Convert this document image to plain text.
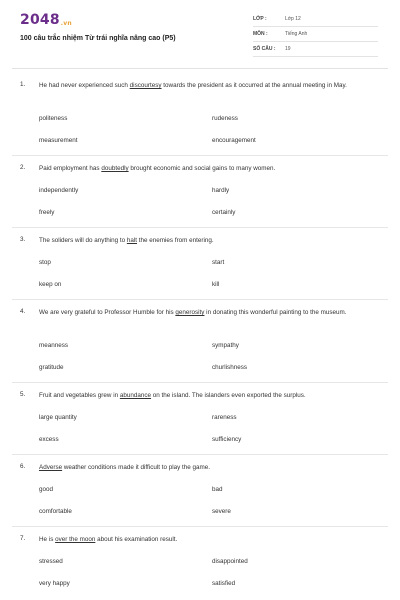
2048.vn
100 câu trắc nhiệm Từ trái nghĩa nâng cao (P5)
LỚP :	Lớp 12
MÔN :	Tiếng Anh
SỐ CÂU : 19
1. He had never experienced such discourtesy towards the president as it occurred at the annual meeting in May.
politeness	rudeness
measurement	encouragement
2. Paid employment has doubtedly brought economic and social gains to many women.
independently	hardly
freely	certainly
3. The soliders will do anything to halt the enemies from entering.
stop	start
keep on	kill
4. We are very grateful to Professor Humble for his generosity in donating this wonderful painting to the museum.
meanness	sympathy
gratitude	churlishness
5. Fruit and vegetables grew in abundance on the island. The islanders even exported the surplus.
large quantity	rareness
excess	sufficiency
6. Adverse weather conditions made it difficult to play the game.
good	bad
comfortable	severe
7. He is over the moon about his examination result.
stressed	disappointed
very happy	satisfied
